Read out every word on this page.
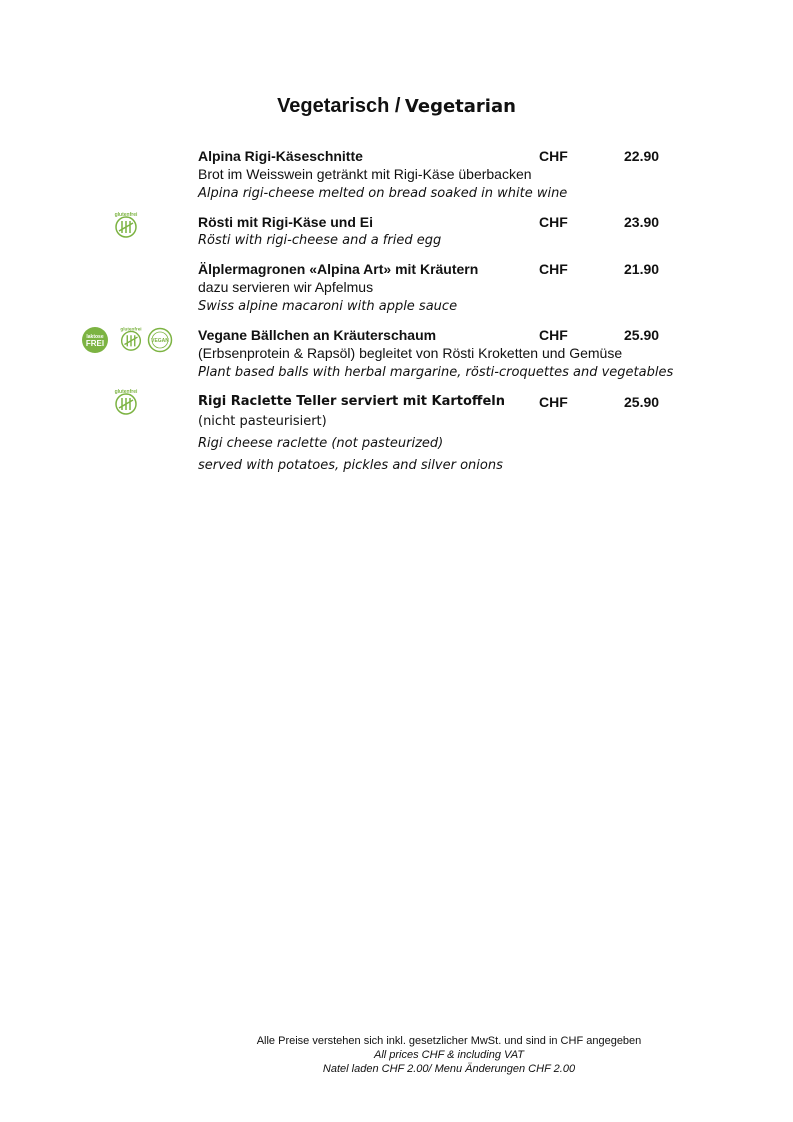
Vegetarisch / Vegetarian
Alpina Rigi-Käseschnitte	CHF	22.90
Brot im Weisswein getränkt mit Rigi-Käse überbacken
Alpina rigi-cheese melted on bread soaked in white wine
glutenfrei	Rösti mit Rigi-Käse und Ei	CHF	23.90
Rösti with rigi-cheese and a fried egg
Älplermagronen «Alpina Art» mit Kräutern	CHF	21.90
dazu servieren wir Apfelmus
Swiss alpine macaroni with apple sauce
laktose
FREI
glutenfrei
VEGAN Vegane Bällchen an Kräuterschaum	CHF	25.90
(Erbsenprotein & Rapsöl) begleitet von Rösti Kroketten und Gemüse
Plant based balls with herbal margarine, rösti-croquettes and vegetables
glutenfrei
Rigi Raclette Teller serviert mit Kartoffeln	CHF	25.90
(nicht pasteurisiert)
Rigi cheese raclette (not pasteurized)
served with potatoes, pickles and silver onions
Alle Preise verstehen sich inkl. gesetzlicher MwSt. und sind in CHF angegeben
All prices CHF & including VAT
Natel laden CHF 2.00/ Menu Änderungen CHF 2.00
